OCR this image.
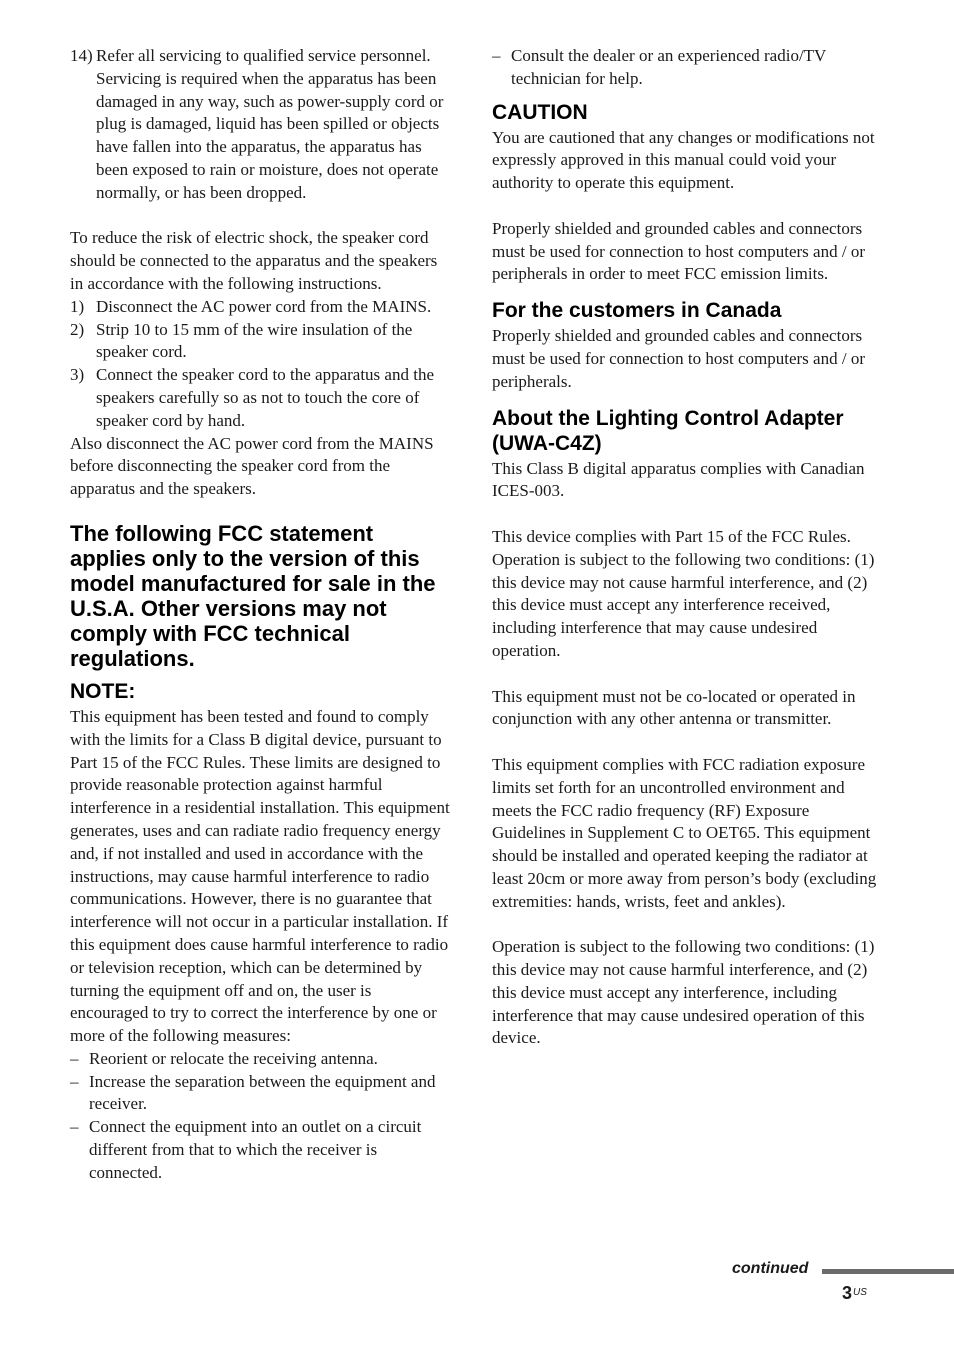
14) Refer all servicing to qualified service personnel. Servicing is required when the apparatus has been damaged in any way, such as power-supply cord or plug is damaged, liquid has been spilled or objects have fallen into the apparatus, the apparatus has been exposed to rain or moisture, does not operate normally, or has been dropped.

To reduce the risk of electric shock, the speaker cord should be connected to the apparatus and the speakers in accordance with the following instructions.

1) Disconnect the AC power cord from the MAINS.
2) Strip 10 to 15 mm of the wire insulation of the speaker cord.
3) Connect the speaker cord to the apparatus and the speakers carefully so as not to touch the core of speaker cord by hand.

Also disconnect the AC power cord from the MAINS before disconnecting the speaker cord from the apparatus and the speakers.

The following FCC statement applies only to the version of this model manufactured for sale in the U.S.A. Other versions may not comply with FCC technical regulations.
NOTE:

This equipment has been tested and found to comply with the limits for a Class B digital device, pursuant to Part 15 of the FCC Rules. These limits are designed to provide reasonable protection against harmful interference in a residential installation. This equipment generates, uses and can radiate radio frequency energy and, if not installed and used in accordance with the instructions, may cause harmful interference to radio communications. However, there is no guarantee that interference will not occur in a particular installation. If this equipment does cause harmful interference to radio or television reception, which can be determined by turning the equipment off and on, the user is encouraged to try to correct the interference by one or more of the following measures:

– Reorient or relocate the receiving antenna.
– Increase the separation between the equipment and receiver.
– Connect the equipment into an outlet on a circuit different from that to which the receiver is connected.
– Consult the dealer or an experienced radio/TV technician for help.
CAUTION

You are cautioned that any changes or modifications not expressly approved in this manual could void your authority to operate this equipment.

Properly shielded and grounded cables and connectors must be used for connection to host computers and / or peripherals in order to meet FCC emission limits.

For the customers in Canada

Properly shielded and grounded cables and connectors must be used for connection to host computers and / or peripherals.

About the Lighting Control Adapter (UWA-C4Z)

This Class B digital apparatus complies with Canadian ICES-003.

This device complies with Part 15 of the FCC Rules. Operation is subject to the following two conditions: (1) this device may not cause harmful interference, and (2) this device must accept any interference received, including interference that may cause undesired operation.

This equipment must not be co-located or operated in conjunction with any other antenna or transmitter.

This equipment complies with FCC radiation exposure limits set forth for an uncontrolled environment and meets the FCC radio frequency (RF) Exposure Guidelines in Supplement C to OET65. This equipment should be installed and operated keeping the radiator at least 20cm or more away from person’s body (excluding extremities: hands, wrists, feet and ankles).

Operation is subject to the following two conditions: (1) this device may not cause harmful interference, and (2) this device must accept any interference, including interference that may cause undesired operation of this device.

continued
$3^{US}$
